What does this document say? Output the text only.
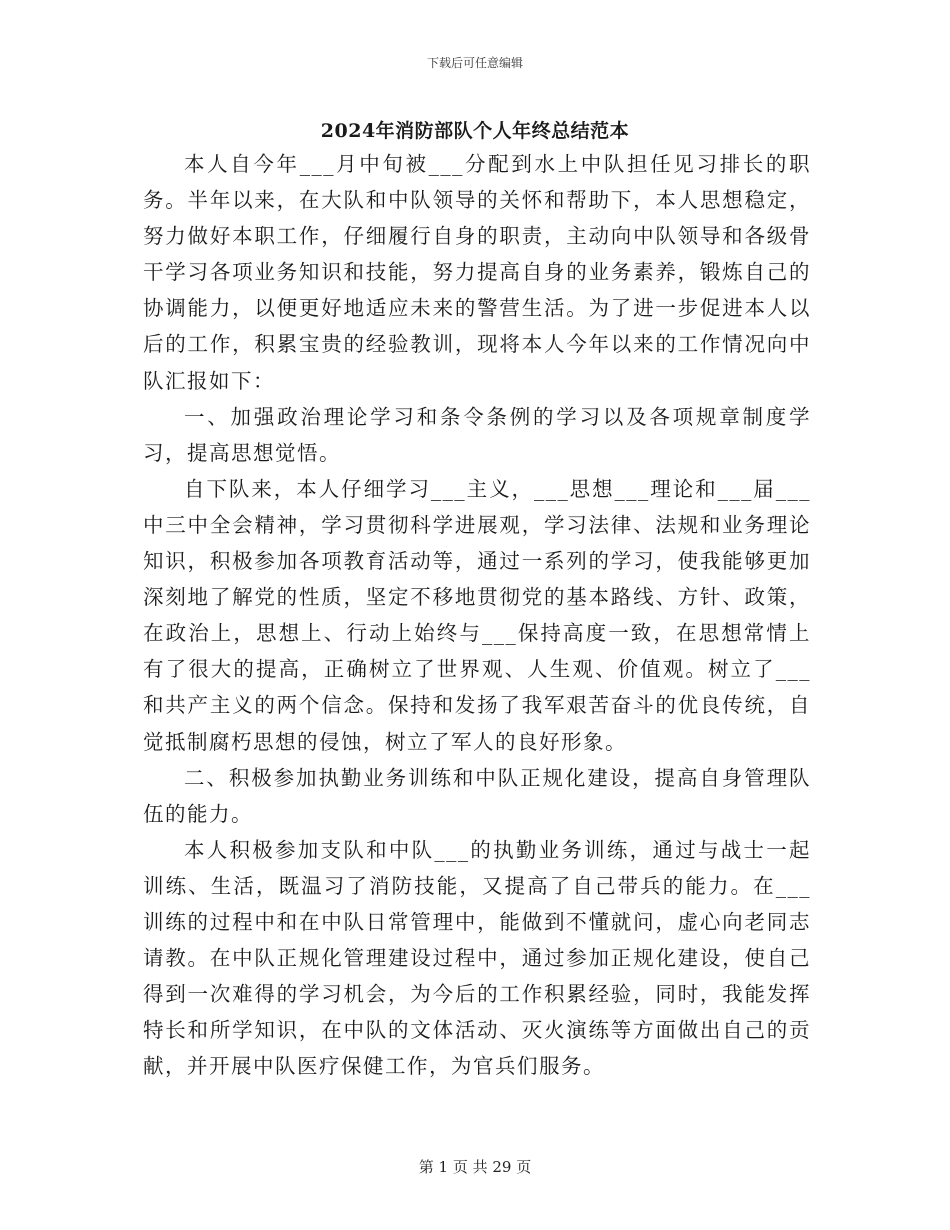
下载后可任意编辑
2024年消防部队个人年终总结范本

本人自今年___月中旬被___分配到水上中队担任见习排长的职务。半年以来，在大队和中队领导的关怀和帮助下，本人思想稳定，努力做好本职工作，仔细履行自身的职责，主动向中队领导和各级骨干学习各项业务知识和技能，努力提高自身的业务素养，锻炼自己的协调能力，以便更好地适应未来的警营生活。为了进一步促进本人以后的工作，积累宝贵的经验教训，现将本人今年以来的工作情况向中队汇报如下：

一、加强政治理论学习和条令条例的学习以及各项规章制度学习，提高思想觉悟。

自下队来，本人仔细学习___主义，___思想___理论和___届___中三中全会精神，学习贯彻科学进展观，学习法律、法规和业务理论知识，积极参加各项教育活动等，通过一系列的学习，使我能够更加深刻地了解党的性质，坚定不移地贯彻党的基本路线、方针、政策，在政治上，思想上、行动上始终与___保持高度一致，在思想常情上有了很大的提高，正确树立了世界观、人生观、价值观。树立了___和共产主义的两个信念。保持和发扬了我军艰苦奋斗的优良传统，自觉抵制腐朽思想的侵蚀，树立了军人的良好形象。

二、积极参加执勤业务训练和中队正规化建设，提高自身管理队伍的能力。

本人积极参加支队和中队___的执勤业务训练，通过与战士一起训练、生活，既温习了消防技能，又提高了自己带兵的能力。在___训练的过程中和在中队日常管理中，能做到不懂就问，虚心向老同志请教。在中队正规化管理建设过程中，通过参加正规化建设，使自己得到一次难得的学习机会，为今后的工作积累经验，同时，我能发挥特长和所学知识，在中队的文体活动、灭火演练等方面做出自己的贡献，并开展中队医疗保健工作，为官兵们服务。

第 1 页 共 29 页
